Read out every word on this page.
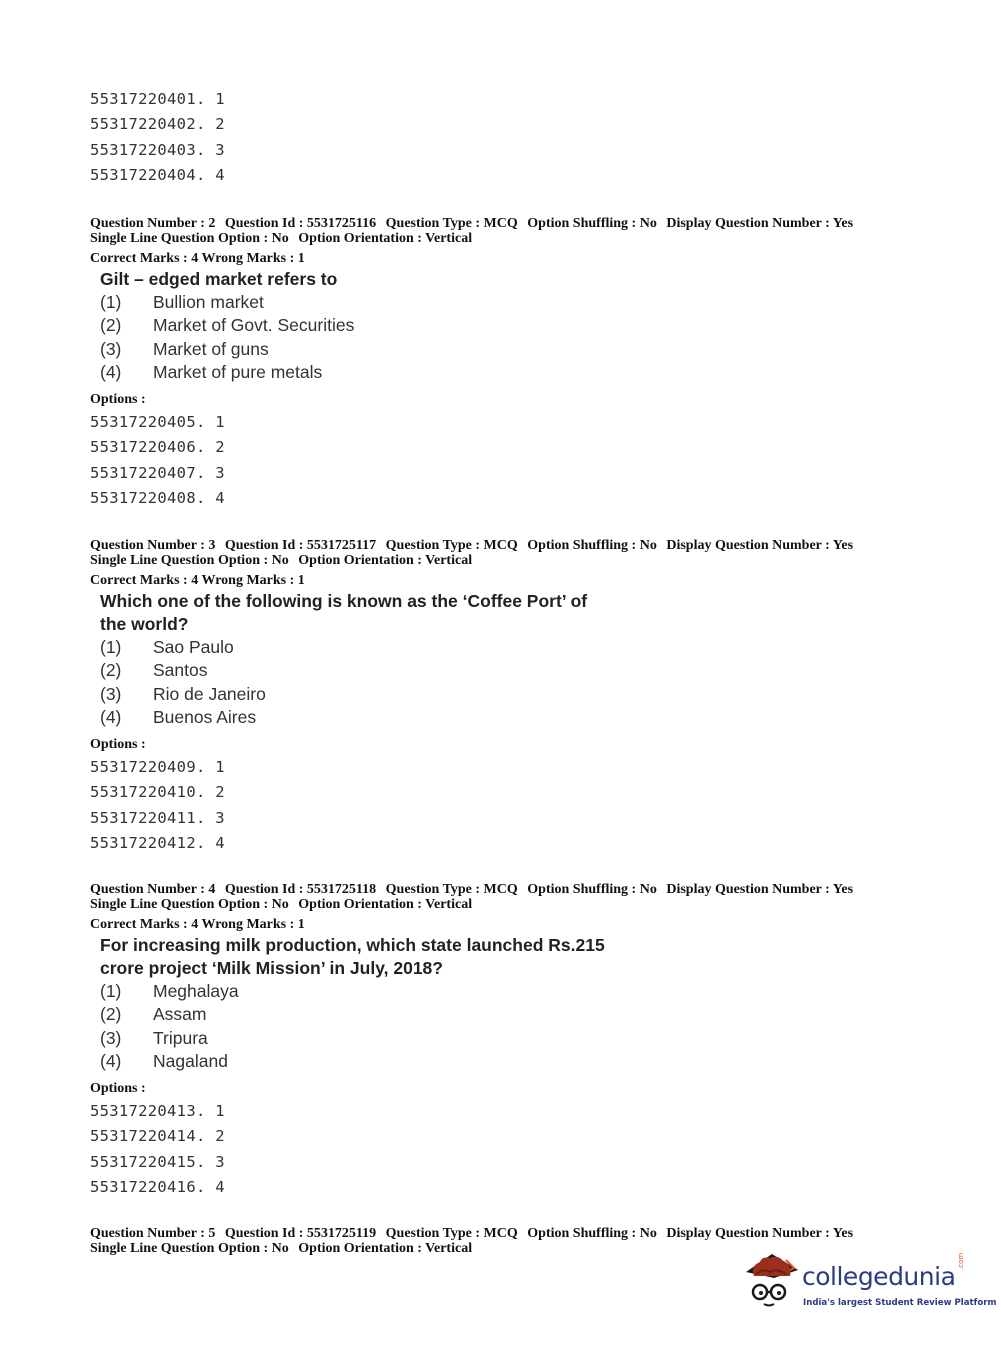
55317220401. 1
55317220402. 2
55317220403. 3
55317220404. 4
Question Number : 2 Question Id : 5531725116 Question Type : MCQ Option Shuffling : No Display Question Number : Yes
Single Line Question Option : No Option Orientation : Vertical
Correct Marks : 4 Wrong Marks : 1
Gilt – edged market refers to
(1) Bullion market
(2) Market of Govt. Securities
(3) Market of guns
(4) Market of pure metals
Options :
55317220405. 1
55317220406. 2
55317220407. 3
55317220408. 4
Question Number : 3 Question Id : 5531725117 Question Type : MCQ Option Shuffling : No Display Question Number : Yes
Single Line Question Option : No Option Orientation : Vertical
Correct Marks : 4 Wrong Marks : 1
Which one of the following is known as the ‘Coffee Port’ of
the world?
(1) Sao Paulo
(2) Santos
(3) Rio de Janeiro
(4) Buenos Aires
Options :
55317220409. 1
55317220410. 2
55317220411. 3
55317220412. 4
Question Number : 4 Question Id : 5531725118 Question Type : MCQ Option Shuffling : No Display Question Number : Yes
Single Line Question Option : No Option Orientation : Vertical
Correct Marks : 4 Wrong Marks : 1
For increasing milk production, which state launched Rs.215
crore project ‘Milk Mission’ in July, 2018?
(1) Meghalaya
(2) Assam
(3) Tripura
(4) Nagaland
Options :
55317220413. 1
55317220414. 2
55317220415. 3
55317220416. 4
Question Number : 5 Question Id : 5531725119 Question Type : MCQ Option Shuffling : No Display Question Number : Yes
Single Line Question Option : No Option Orientation : Vertical
collegedunia
.com
India's largest Student Review Platform
